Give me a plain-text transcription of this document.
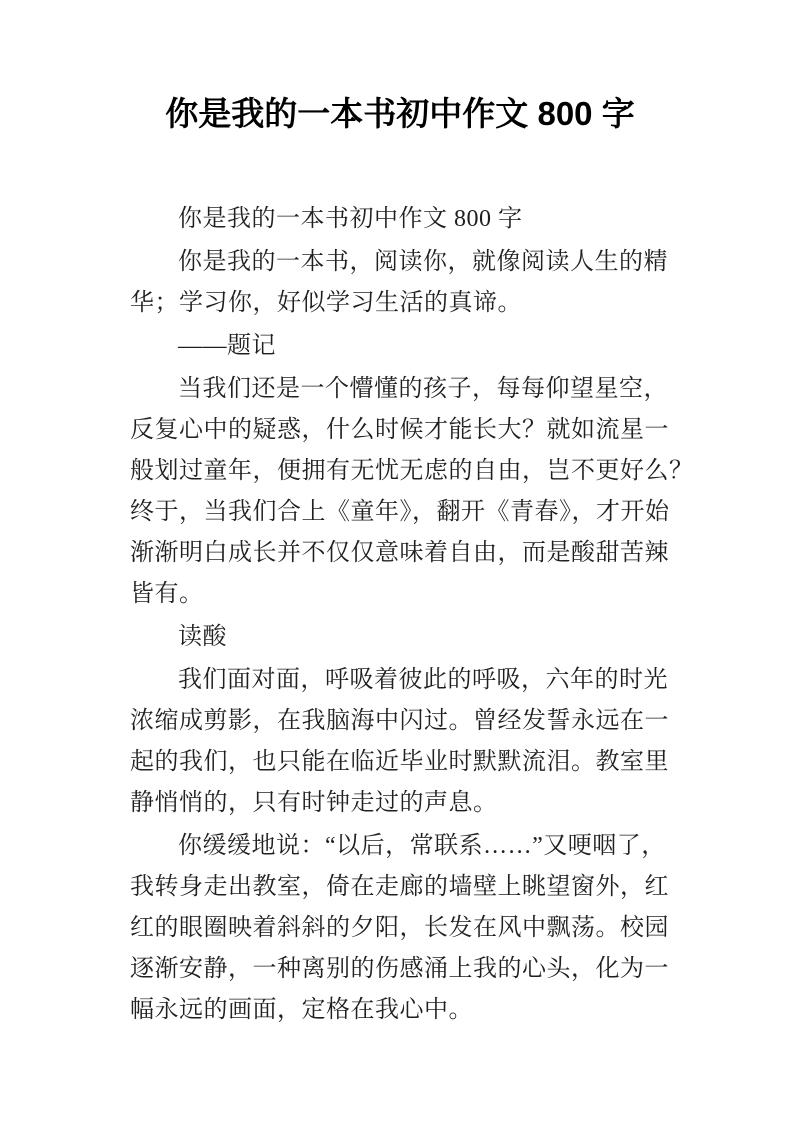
你是我的一本书初中作文 800 字
你是我的一本书初中作文 800 字
你是我的一本书，阅读你，就像阅读人生的精
华；学习你，好似学习生活的真谛。
——题记
当我们还是一个懵懂的孩子，每每仰望星空，
反复心中的疑惑，什么时候才能长大？就如流星一
般划过童年，便拥有无忧无虑的自由，岂不更好么？
终于，当我们合上《童年》，翻开《青春》，才开始
渐渐明白成长并不仅仅意味着自由，而是酸甜苦辣
皆有。
读酸
我们面对面，呼吸着彼此的呼吸，六年的时光
浓缩成剪影，在我脑海中闪过。曾经发誓永远在一
起的我们，也只能在临近毕业时默默流泪。教室里
静悄悄的，只有时钟走过的声息。
你缓缓地说：“以后，常联系……”又哽咽了，
我转身走出教室，倚在走廊的墙壁上眺望窗外，红
红的眼圈映着斜斜的夕阳，长发在风中飘荡。校园
逐渐安静，一种离别的伤感涌上我的心头，化为一
幅永远的画面，定格在我心中。
